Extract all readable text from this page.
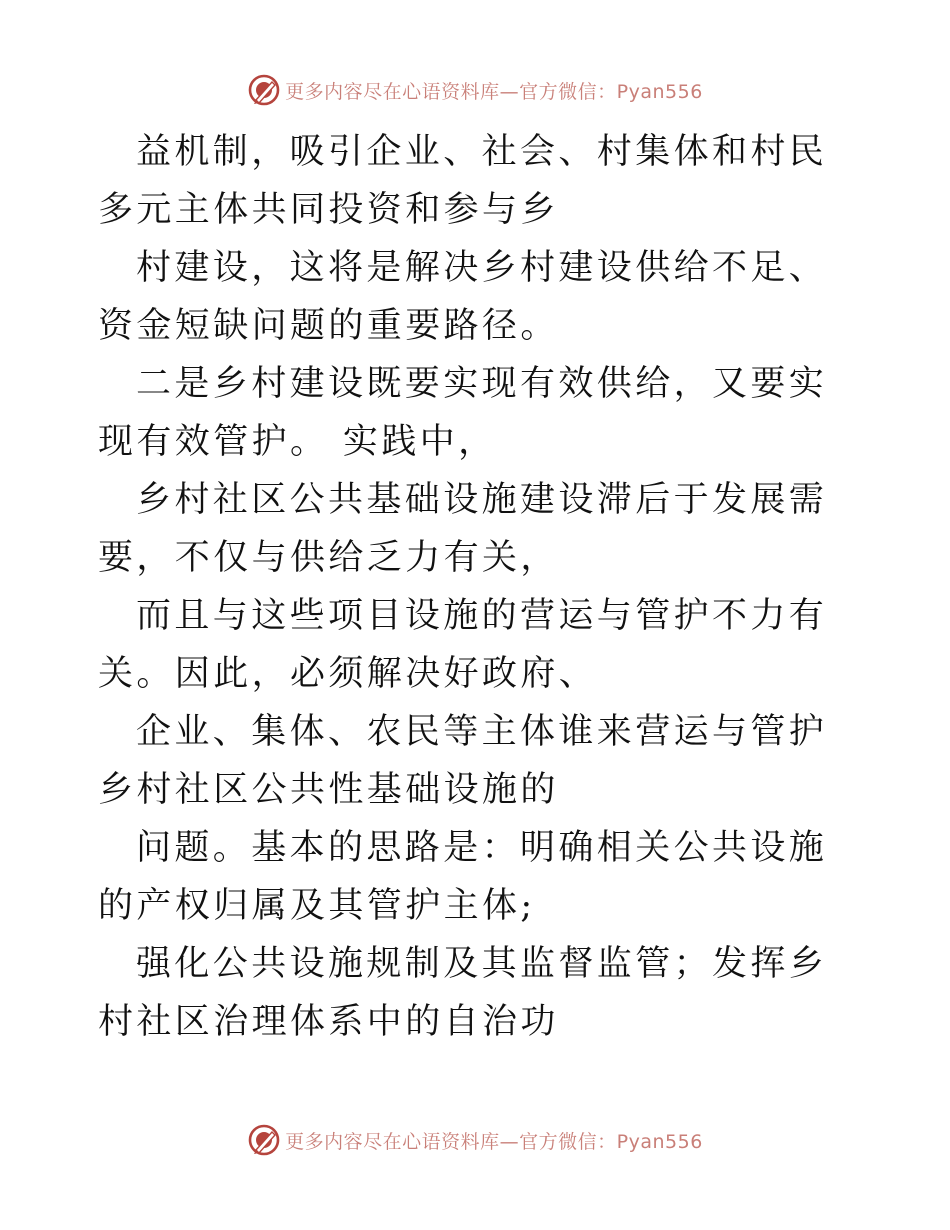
更多内容尽在心语资料库—官方微信：Pyan556

益机制，吸引企业、社会、村集体和村民多元主体共同投资和参与乡

村建设，这将是解决乡村建设供给不足、资金短缺问题的重要路径。

二是乡村建设既要实现有效供给，又要实现有效管护。 实践中，

乡村社区公共基础设施建设滞后于发展需要，不仅与供给乏力有关，

而且与这些项目设施的营运与管护不力有关。因此，必须解决好政府、

企业、集体、农民等主体谁来营运与管护乡村社区公共性基础设施的

问题。基本的思路是：明确相关公共设施的产权归属及其管护主体;

强化公共设施规制及其监督监管；发挥乡村社区治理体系中的自治功

更多内容尽在心语资料库—官方微信：Pyan556
